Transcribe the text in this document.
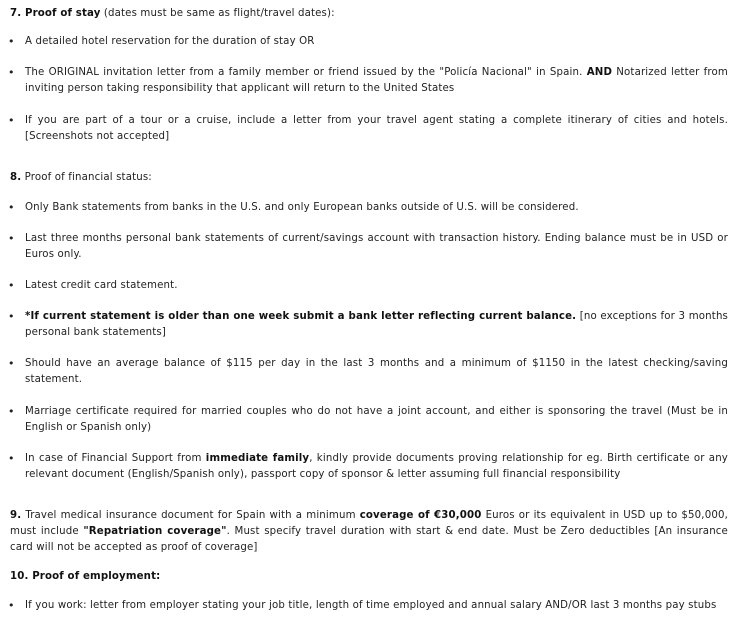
7. Proof of stay (dates must be same as flight/travel dates):
• A detailed hotel reservation for the duration of stay OR
• The ORIGINAL invitation letter from a family member or friend issued by the "Policía Nacional" in Spain. AND Notarized letter from inviting person taking responsibility that applicant will return to the United States
• If you are part of a tour or a cruise, include a letter from your travel agent stating a complete itinerary of cities and hotels. [Screenshots not accepted]
8. Proof of financial status:
• Only Bank statements from banks in the U.S. and only European banks outside of U.S. will be considered.
• Last three months personal bank statements of current/savings account with transaction history. Ending balance must be in USD or Euros only.
• Latest credit card statement.
• *If current statement is older than one week submit a bank letter reflecting current balance. [no exceptions for 3 months personal bank statements]
• Should have an average balance of $115 per day in the last 3 months and a minimum of $1150 in the latest checking/saving statement.
• Marriage certificate required for married couples who do not have a joint account, and either is sponsoring the travel (Must be in English or Spanish only)
• In case of Financial Support from immediate family, kindly provide documents proving relationship for eg. Birth certificate or any relevant document (English/Spanish only), passport copy of sponsor & letter assuming full financial responsibility
9. Travel medical insurance document for Spain with a minimum coverage of €30,000 Euros or its equivalent in USD up to $50,000, must include "Repatriation coverage". Must specify travel duration with start & end date. Must be Zero deductibles [An insurance card will not be accepted as proof of coverage]
10. Proof of employment:
• If you work: letter from employer stating your job title, length of time employed and annual salary AND/OR last 3 months pay stubs
